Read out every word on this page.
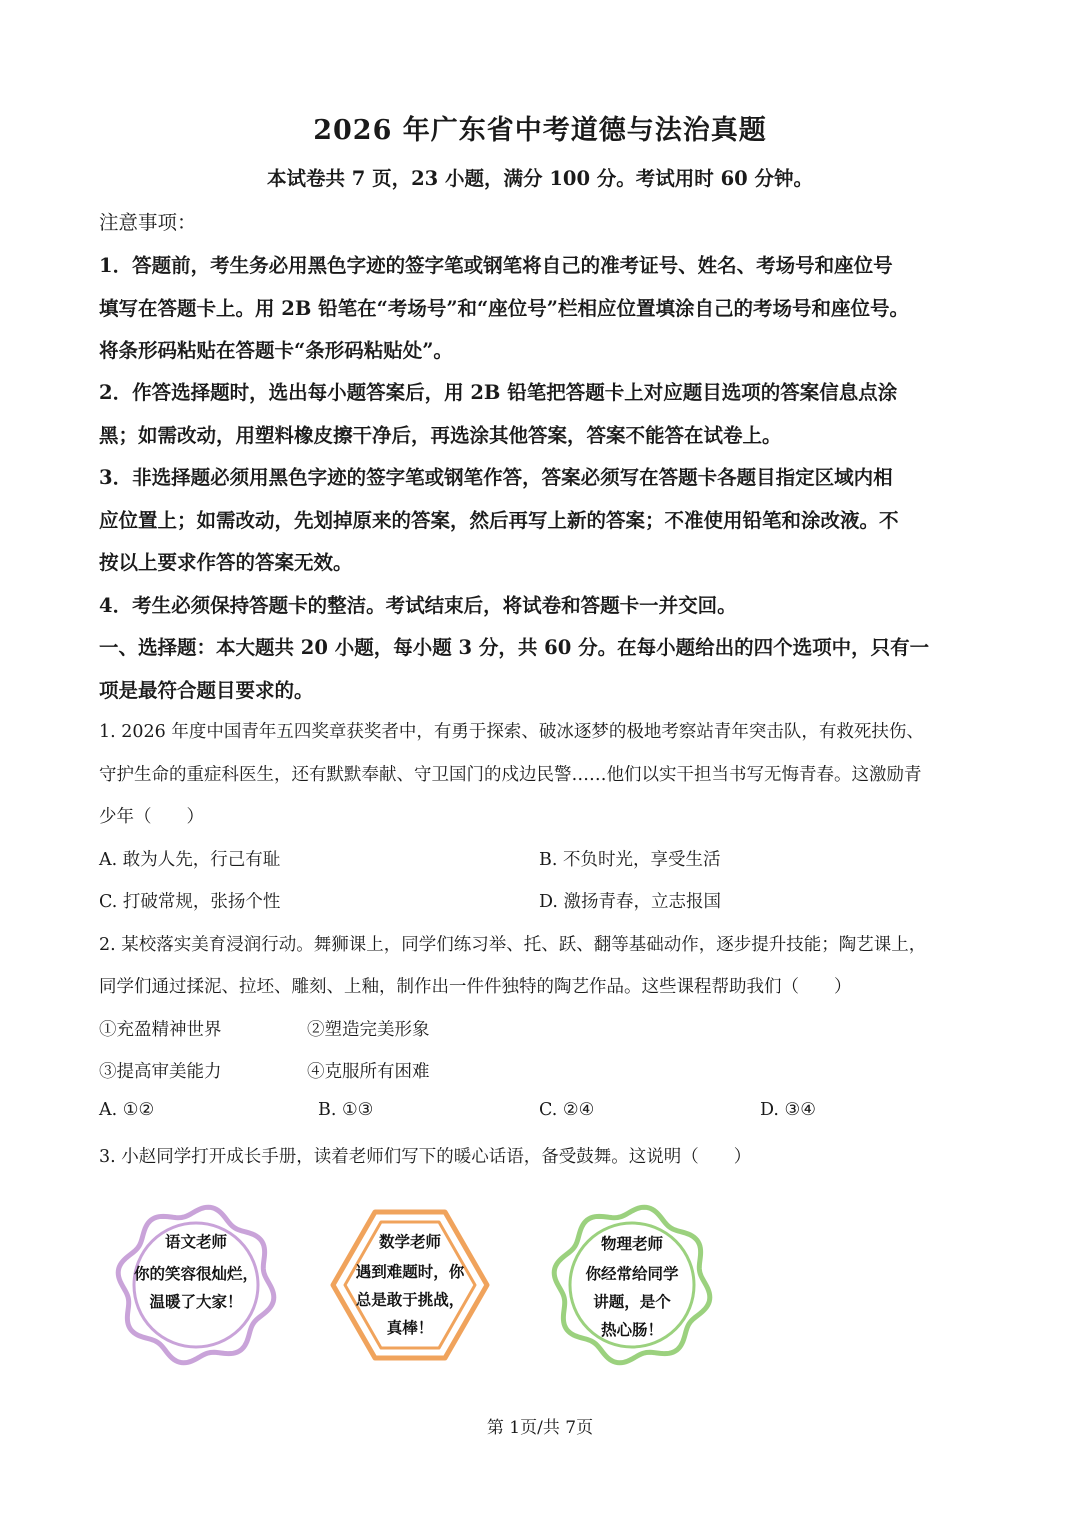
2026 年广东省中考道德与法治真题
本试卷共 7 页，23 小题，满分 100 分。考试用时 60 分钟。
注意事项：
1．答题前，考生务必用黑色字迹的签字笔或钢笔将自己的准考证号、姓名、考场号和座位号
填写在答题卡上。用 2B 铅笔在“考场号”和“座位号”栏相应位置填涂自己的考场号和座位号。
将条形码粘贴在答题卡“条形码粘贴处”。
2．作答选择题时，选出每小题答案后，用 2B 铅笔把答题卡上对应题目选项的答案信息点涂
黑；如需改动，用塑料橡皮擦干净后，再选涂其他答案，答案不能答在试卷上。
3．非选择题必须用黑色字迹的签字笔或钢笔作答，答案必须写在答题卡各题目指定区域内相
应位置上；如需改动，先划掉原来的答案，然后再写上新的答案；不准使用铅笔和涂改液。不
按以上要求作答的答案无效。
4．考生必须保持答题卡的整洁。考试结束后，将试卷和答题卡一并交回。
一、选择题：本大题共 20 小题，每小题 3 分，共 60 分。在每小题给出的四个选项中，只有一
项是最符合题目要求的。
1. 2026 年度中国青年五四奖章获奖者中，有勇于探索、破冰逐梦的极地考察站青年突击队，有救死扶伤、
守护生命的重症科医生，还有默默奉献、守卫国门的戍边民警……他们以实干担当书写无悔青春。这激励青
少年（　　）
A. 敢为人先，行己有耻	B. 不负时光，享受生活
C. 打破常规，张扬个性	D. 激扬青春，立志报国
2. 某校落实美育浸润行动。舞狮课上，同学们练习举、托、跃、翻等基础动作，逐步提升技能；陶艺课上，
同学们通过揉泥、拉坯、雕刻、上釉，制作出一件件独特的陶艺作品。这些课程帮助我们（　　）
①充盈精神世界	②塑造完美形象
③提高审美能力	④克服所有困难
A. ①②	B. ①③	C. ②④	D. ③④
3. 小赵同学打开成长手册，读着老师们写下的暖心话语，备受鼓舞。这说明（　　）
语文老师
你的笑容很灿烂，
温暖了大家！
数学老师
遇到难题时，你
总是敢于挑战，
真棒！
物理老师
你经常给同学
讲题，是个
热心肠！
第 1页/共 7页
